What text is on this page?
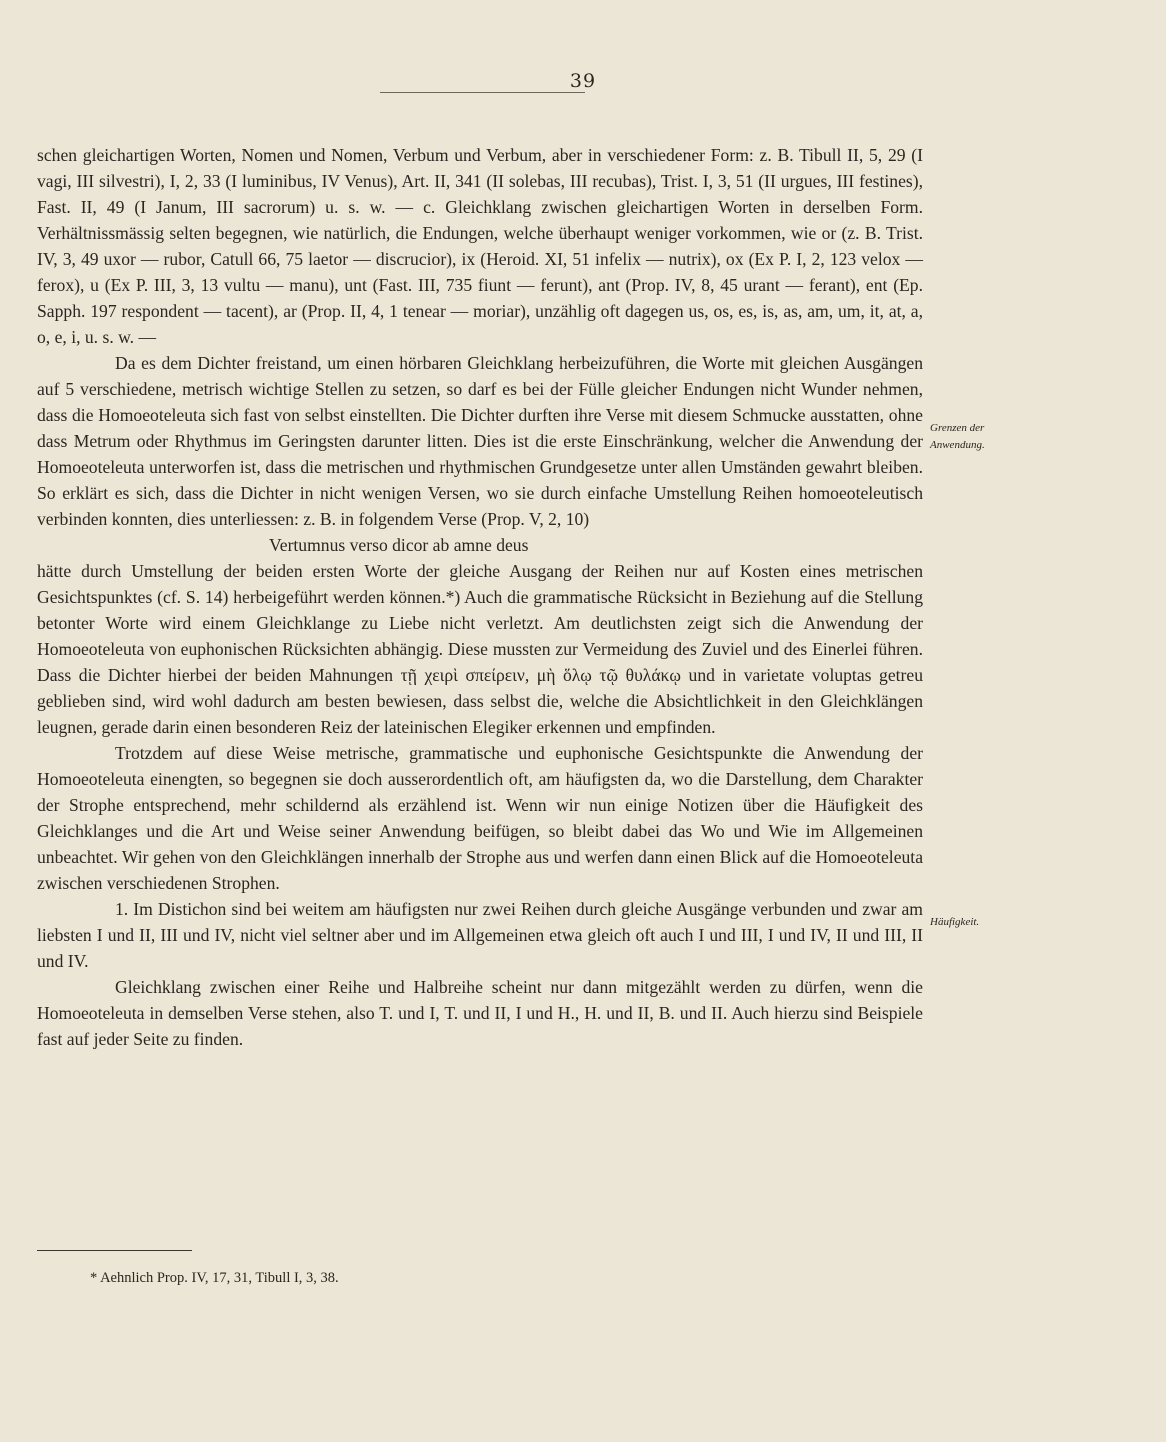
39

schen gleichartigen Worten, Nomen und Nomen, Verbum und Verbum, aber in verschiedener Form: z. B. Tibull II, 5, 29 (I vagi, III silvestri), I, 2, 33 (I luminibus, IV Venus), Art. II, 341 (II solebas, III recubas), Trist. I, 3, 51 (II urgues, III festines), Fast. II, 49 (I Janum, III sacrorum) u. s. w. — c. Gleichklang zwischen gleichartigen Worten in derselben Form. Verhältnissmässig selten begegnen, wie natürlich, die Endungen, welche überhaupt weniger vorkommen, wie or (z. B. Trist. IV, 3, 49 uxor — rubor, Catull 66, 75 laetor — discrucior), ix (Heroid. XI, 51 infelix — nutrix), ox (Ex P. I, 2, 123 velox — ferox), u (Ex P. III, 3, 13 vultu — manu), unt (Fast. III, 735 fiunt — ferunt), ant (Prop. IV, 8, 45 urant — ferant), ent (Ep. Sapph. 197 respondent — tacent), ar (Prop. II, 4, 1 tenear — moriar), unzählig oft dagegen us, os, es, is, as, am, um, it, at, a, o, e, i, u. s. w. —

Da es dem Dichter freistand, um einen hörbaren Gleichklang herbeizuführen, die Worte mit gleichen Ausgängen auf 5 verschiedene, metrisch wichtige Stellen zu setzen, so darf es bei der Fülle gleicher Endungen nicht Wunder nehmen, dass die Homoeoteleuta sich fast von selbst einstellten. Die Dichter durften ihre Verse mit diesem Schmucke ausstatten, ohne dass Metrum oder Rhythmus im Geringsten darunter litten. Dies ist die erste Einschränkung, welcher die Anwendung der Homoeoteleuta unterworfen ist, dass die metrischen und rhythmischen Grundgesetze unter allen Umständen gewahrt bleiben. So erklärt es sich, dass die Dichter in nicht wenigen Versen, wo sie durch einfache Umstellung Reihen homoeoteleutisch verbinden konnten, dies unterliessen: z. B. in folgendem Verse (Prop. V, 2, 10)

Vertumnus verso dicor ab amne deus

hätte durch Umstellung der beiden ersten Worte der gleiche Ausgang der Reihen nur auf Kosten eines metrischen Gesichtspunktes (cf. S. 14) herbeigeführt werden können.*) Auch die grammatische Rücksicht in Beziehung auf die Stellung betonter Worte wird einem Gleichklange zu Liebe nicht verletzt. Am deutlichsten zeigt sich die Anwendung der Homoeoteleuta von euphonischen Rücksichten abhängig. Diese mussten zur Vermeidung des Zuviel und des Einerlei führen. Dass die Dichter hierbei der beiden Mahnungen τῇ χειρὶ σπείρειν, μὴ ὅλῳ τῷ θυλάκῳ und in varietate voluptas getreu geblieben sind, wird wohl dadurch am besten bewiesen, dass selbst die, welche die Absichtlichkeit in den Gleichklängen leugnen, gerade darin einen besonderen Reiz der lateinischen Elegiker erkennen und empfinden.

Trotzdem auf diese Weise metrische, grammatische und euphonische Gesichtspunkte die Anwendung der Homoeoteleuta einengten, so begegnen sie doch ausserordentlich oft, am häufigsten da, wo die Darstellung, dem Charakter der Strophe entsprechend, mehr schildernd als erzählend ist. Wenn wir nun einige Notizen über die Häufigkeit des Gleichklanges und die Art und Weise seiner Anwendung beifügen, so bleibt dabei das Wo und Wie im Allgemeinen unbeachtet. Wir gehen von den Gleichklängen innerhalb der Strophe aus und werfen dann einen Blick auf die Homoeoteleuta zwischen verschiedenen Strophen.

1. Im Distichon sind bei weitem am häufigsten nur zwei Reihen durch gleiche Ausgänge verbunden und zwar am liebsten I und II, III und IV, nicht viel seltner aber und im Allgemeinen etwa gleich oft auch I und III, I und IV, II und III, II und IV.

Gleichklang zwischen einer Reihe und Halbreihe scheint nur dann mitgezählt werden zu dürfen, wenn die Homoeoteleuta in demselben Verse stehen, also T. und I, T. und II, I und H., H. und II, B. und II. Auch hierzu sind Beispiele fast auf jeder Seite zu finden.

Grenzen der Anwendung.
Häufigkeit.
* Aehnlich Prop. IV, 17, 31, Tibull I, 3, 38.
